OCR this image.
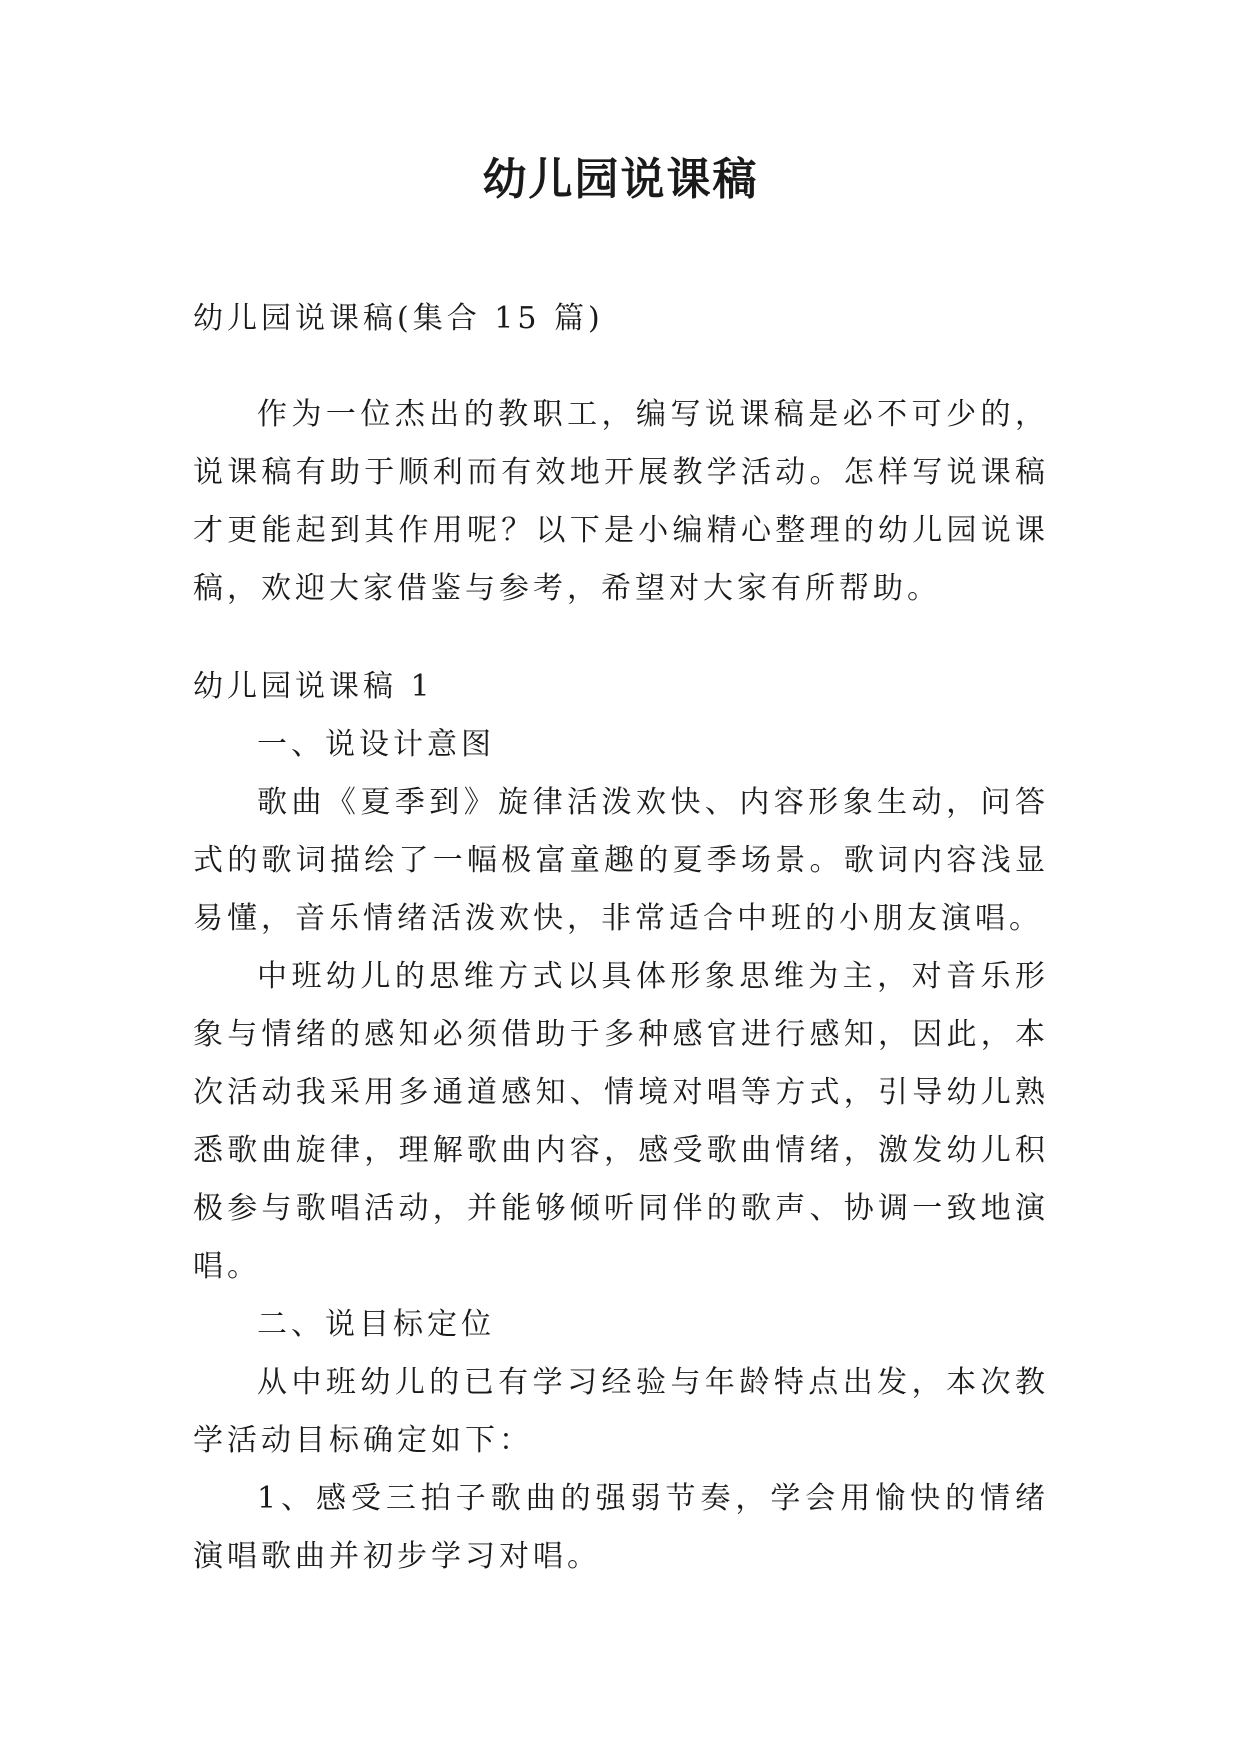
幼儿园说课稿

幼儿园说课稿(集合 15 篇)

作为一位杰出的教职工，编写说课稿是必不可少的，说课稿有助于顺利而有效地开展教学活动。怎样写说课稿才更能起到其作用呢？以下是小编精心整理的幼儿园说课稿，欢迎大家借鉴与参考，希望对大家有所帮助。

幼儿园说课稿 1

一、说设计意图

歌曲《夏季到》旋律活泼欢快、内容形象生动，问答式的歌词描绘了一幅极富童趣的夏季场景。歌词内容浅显易懂，音乐情绪活泼欢快，非常适合中班的小朋友演唱。

中班幼儿的思维方式以具体形象思维为主，对音乐形象与情绪的感知必须借助于多种感官进行感知，因此，本次活动我采用多通道感知、情境对唱等方式，引导幼儿熟悉歌曲旋律，理解歌曲内容，感受歌曲情绪，激发幼儿积极参与歌唱活动，并能够倾听同伴的歌声、协调一致地演唱。

二、说目标定位

从中班幼儿的已有学习经验与年龄特点出发，本次教学活动目标确定如下：

1、感受三拍子歌曲的强弱节奏，学会用愉快的情绪演唱歌曲并初步学习对唱。
